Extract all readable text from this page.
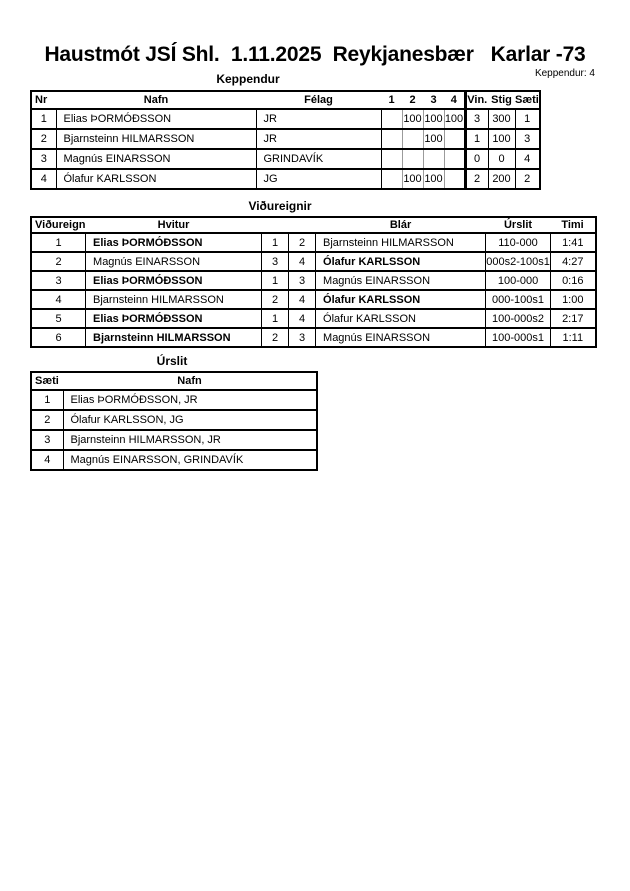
Haustmót JSÍ Shl.  1.11.2025  Reykjanesbær   Karlar -73
Keppendur: 4
Keppendur
Nr	Nafn	Félag	1	2	3	4	Vin.	Stig	Sæti
1	Elias ÞORMÓÐSSON	JR		100	100	100	3	300	1
2	Bjarnsteinn HILMARSSON	JR			100		1	100	3
3	Magnús EINARSSON	GRINDAVÍK					0	0	4
4	Ólafur KARLSSON	JG		100	100		2	200	2
Viðureignir
Viðureign	Hvitur			Blár	Úrslit	Timi
1	Elias ÞORMÓÐSSON	1	2	Bjarnsteinn HILMARSSON	110-000	1:41
2	Magnús EINARSSON	3	4	Ólafur KARLSSON	000s2-100s1	4:27
3	Elias ÞORMÓÐSSON	1	3	Magnús EINARSSON	100-000	0:16
4	Bjarnsteinn HILMARSSON	2	4	Ólafur KARLSSON	000-100s1	1:00
5	Elias ÞORMÓÐSSON	1	4	Ólafur KARLSSON	100-000s2	2:17
6	Bjarnsteinn HILMARSSON	2	3	Magnús EINARSSON	100-000s1	1:11
Úrslit
Sæti	Nafn
1	Elias ÞORMÓÐSSON, JR
2	Ólafur KARLSSON, JG
3	Bjarnsteinn HILMARSSON, JR
4	Magnús EINARSSON, GRINDAVÍK
